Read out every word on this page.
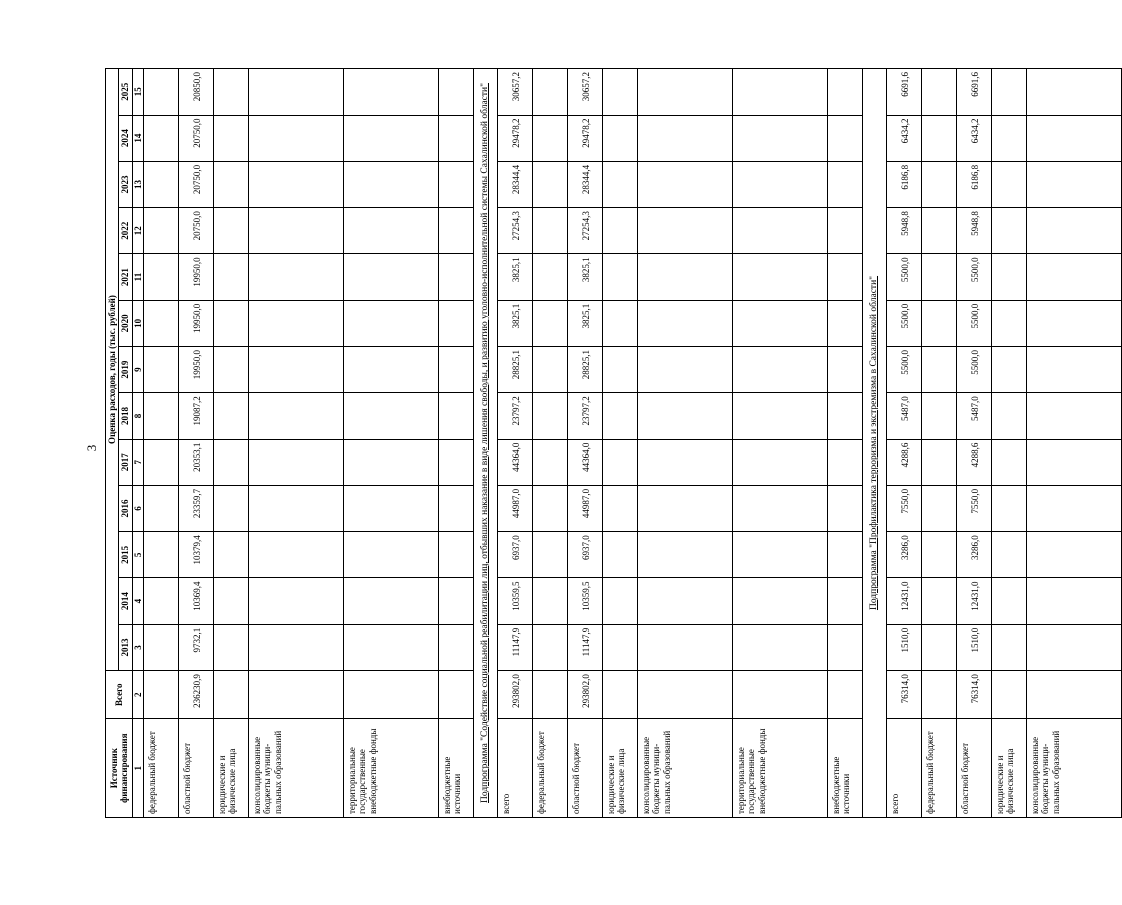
3
Источник финансирования	Всего	Оценка расходов, годы (тыс. рублей)												
		2013	2014	2015	2016	2017	2018	2019	2020	2021	2022	2023	2024	2025
1	2	3	4	5	6	7	8	9	10	11	12	13	14	15
федеральный бюджет														
областной бюджет	236230,9	9732,1	10369,4	10379,4	23359,7	20353,1	19087,2	19950,0	19950,0	19950,0	20750,0	20750,0	20750,0	20850,0
юридические и физические лица														
консолидированные бюджеты муници- пальных образований														
территориальные государственные внебюджетные фонды														
внебюджетные источники														
Подпрограмма "Содействие социальной реабилитации лиц, отбывших наказание в виде лишения свободы, и развитию уголовно-исполнительной системы Сахалинской области"														
всего	293802,0	11147,9	10359,5	6937,0	44987,0	44364,0	23797,2	28825,1	3825,1	3825,1	27254,3	28344,4	29478,2	30657,2
федеральный бюджет														
областной бюджет	293802,0	11147,9	10359,5	6937,0	44987,0	44364,0	23797,2	28825,1	3825,1	3825,1	27254,3	28344,4	29478,2	30657,2
юридические и физические лица														
консолидированные бюджеты муници- пальных образований														
территориальные государственные внебюджетные фонды														
внебюджетные источники														
Подпрограмма "Профилактика терроризма и экстремизма в Сахалинской области"														
всего	76314,0	1510,0	12431,0	3286,0	7550,0	4288,6	5487,0	5500,0	5500,0	5500,0	5948,8	6186,8	6434,2	6691,6
федеральный бюджет														
областной бюджет	76314,0	1510,0	12431,0	3286,0	7550,0	4288,6	5487,0	5500,0	5500,0	5500,0	5948,8	6186,8	6434,2	6691,6
юридические и физические лица														
консолидированные бюджеты муници- пальных образований														
